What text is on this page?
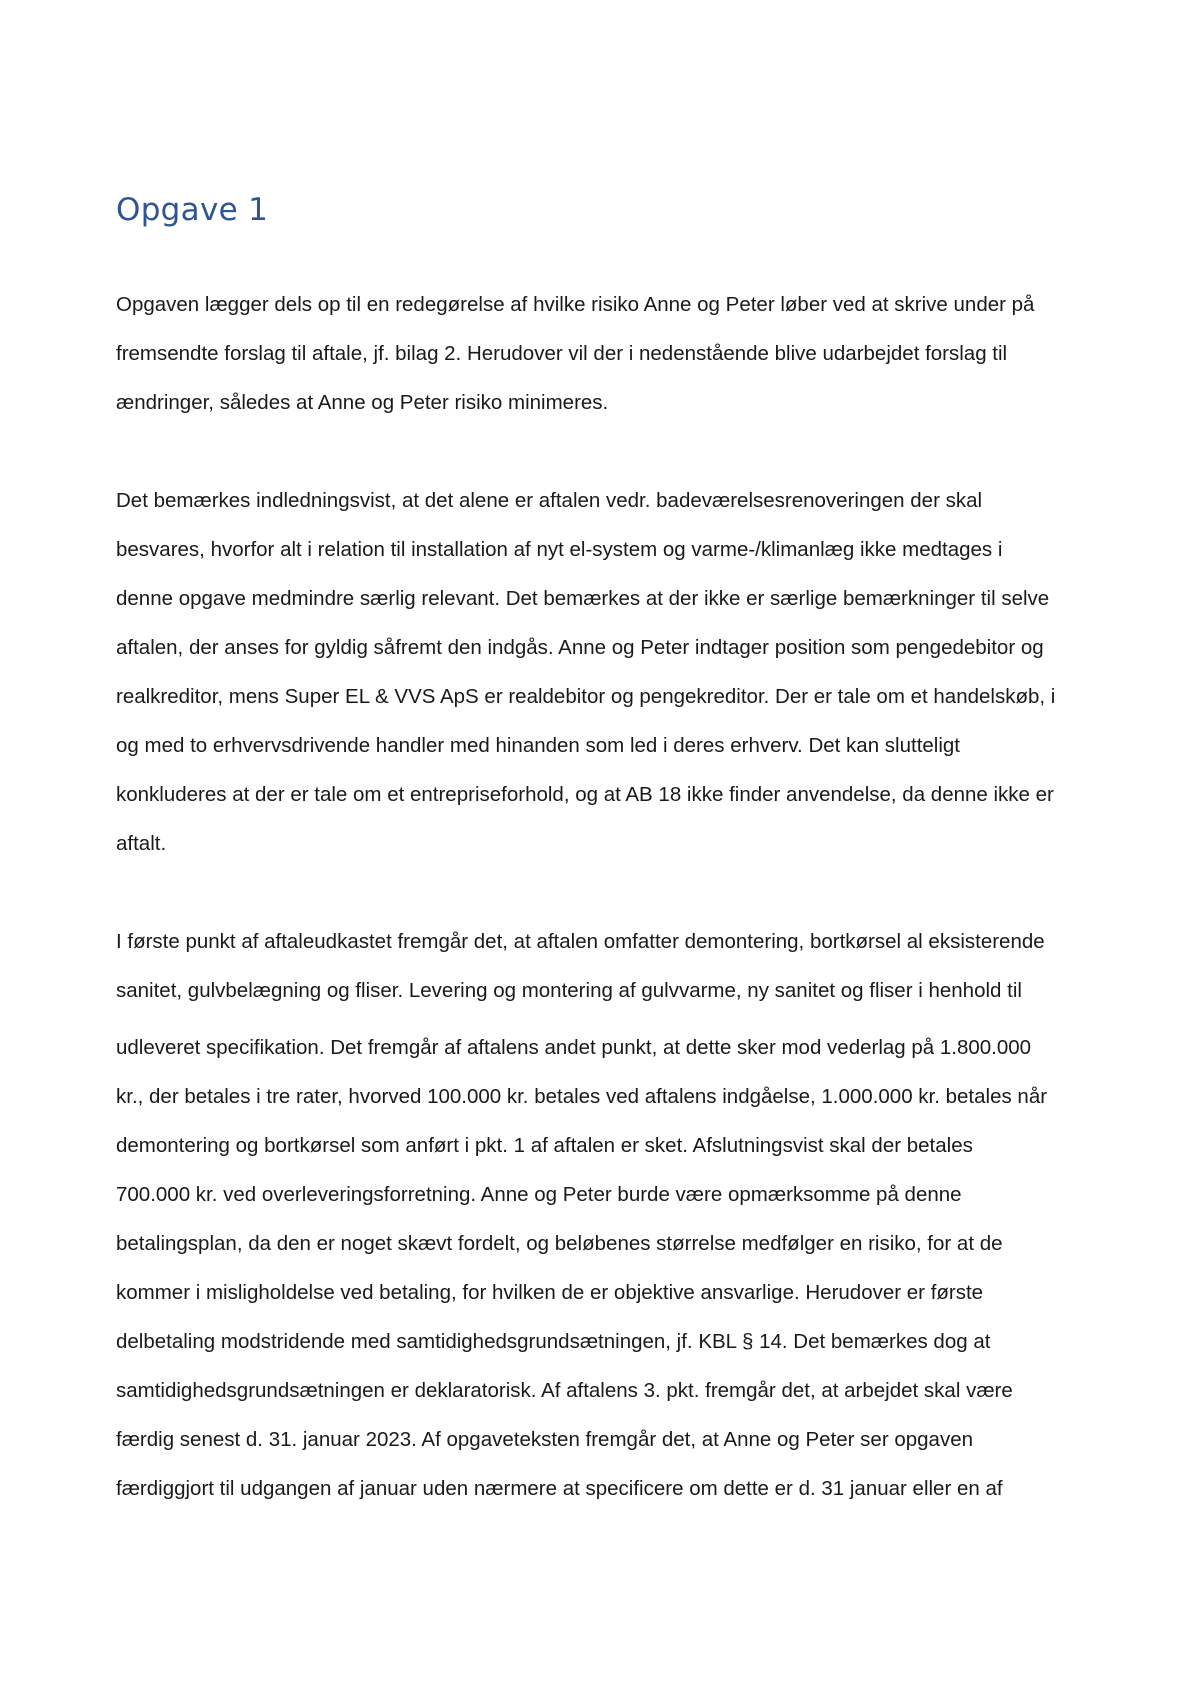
Opgave 1

Opgaven lægger dels op til en redegørelse af hvilke risiko Anne og Peter løber ved at skrive under på
fremsendte forslag til aftale, jf. bilag 2. Herudover vil der i nedenstående blive udarbejdet forslag til
ændringer, således at Anne og Peter risiko minimeres.

Det bemærkes indledningsvist, at det alene er aftalen vedr. badeværelsesrenoveringen der skal
besvares, hvorfor alt i relation til installation af nyt el-system og varme-/klimanlæg ikke medtages i
denne opgave medmindre særlig relevant. Det bemærkes at der ikke er særlige bemærkninger til selve
aftalen, der anses for gyldig såfremt den indgås. Anne og Peter indtager position som pengedebitor og
realkreditor, mens Super EL & VVS ApS er realdebitor og pengekreditor. Der er tale om et handelskøb, i
og med to erhvervsdrivende handler med hinanden som led i deres erhverv. Det kan slutteligt
konkluderes at der er tale om et entrepriseforhold, og at AB 18 ikke finder anvendelse, da denne ikke er
aftalt.

I første punkt af aftaleudkastet fremgår det, at aftalen omfatter demontering, bortkørsel al eksisterende
sanitet, gulvbelægning og fliser. Levering og montering af gulvvarme, ny sanitet og fliser i henhold til
udleveret specifikation. Det fremgår af aftalens andet punkt, at dette sker mod vederlag på 1.800.000
kr., der betales i tre rater, hvorved 100.000 kr. betales ved aftalens indgåelse, 1.000.000 kr. betales når
demontering og bortkørsel som anført i pkt. 1 af aftalen er sket. Afslutningsvist skal der betales
700.000 kr. ved overleveringsforretning. Anne og Peter burde være opmærksomme på denne
betalingsplan, da den er noget skævt fordelt, og beløbenes størrelse medfølger en risiko, for at de
kommer i misligholdelse ved betaling, for hvilken de er objektive ansvarlige. Herudover er første
delbetaling modstridende med samtidighedsgrundsætningen, jf. KBL § 14. Det bemærkes dog at
samtidighedsgrundsætningen er deklaratorisk. Af aftalens 3. pkt. fremgår det, at arbejdet skal være
færdig senest d. 31. januar 2023. Af opgaveteksten fremgår det, at Anne og Peter ser opgaven
færdiggjort til udgangen af januar uden nærmere at specificere om dette er d. 31 januar eller en af
